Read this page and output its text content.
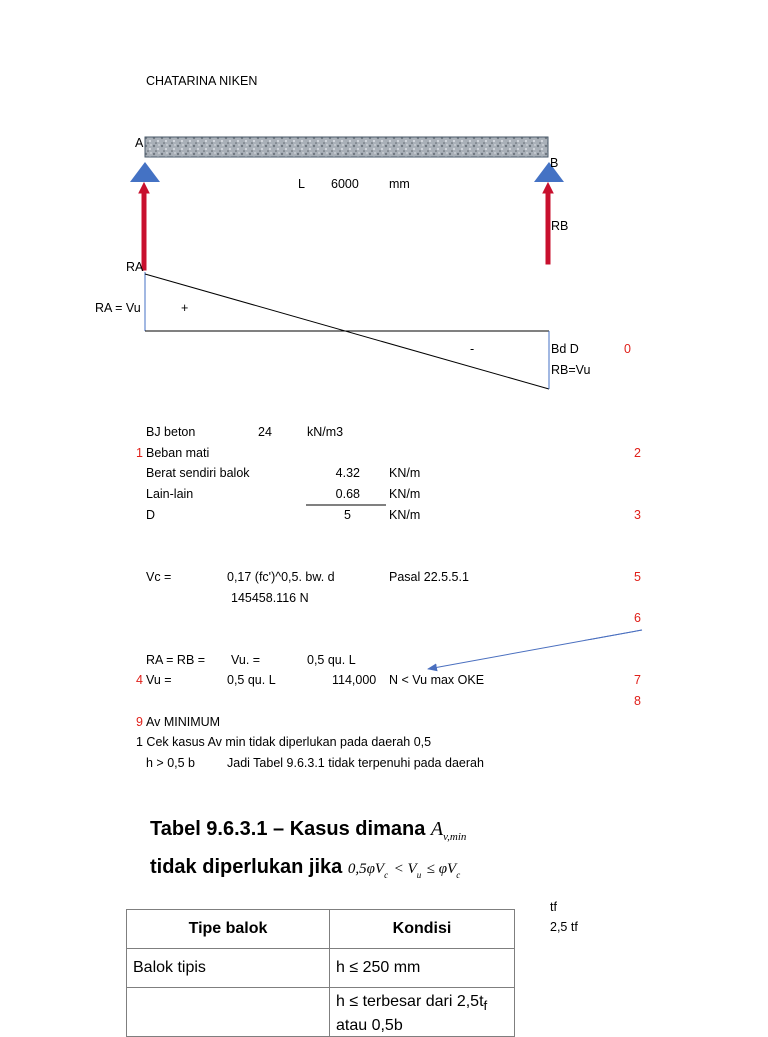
CHATARINA NIKEN
A
B
L 6000 mm
RB
RA
RA = Vu	+
-	Bd D	0
RB=Vu
BJ beton	24	kN/m3
1 Beban mati	2
Berat sendiri balok	4.32 KN/m
Lain-lain	0.68 KN/m
D	5	KN/m	3
Vc =	0,17 (fc')^0,5. bw. d	Pasal 22.5.5.1	5
145458.116 N
6
RA = RB = Vu. =	0,5 qu. L
4 Vu =	0,5 qu. L	114,000 N < Vu max OKE	7
8
9 Av MINIMUM
1 Cek kasus Av min tidak diperlukan pada daerah 0,5
h > 0,5 b	Jadi Tabel 9.6.3.1 tidak terpenuhi pada daerah
Tabel 9.6.3.1 – Kasus dimana $A_{v,min}$
tidak diperlukan jika $0,5\varphi V_c < V_u \le \varphi V_c$
tf
2,5 tf
Tipe balok	Kondisi
Balok tipis	h ≤ 250 mm
	h ≤ terbesar dari $2,5t_f$
atau 0,5b
